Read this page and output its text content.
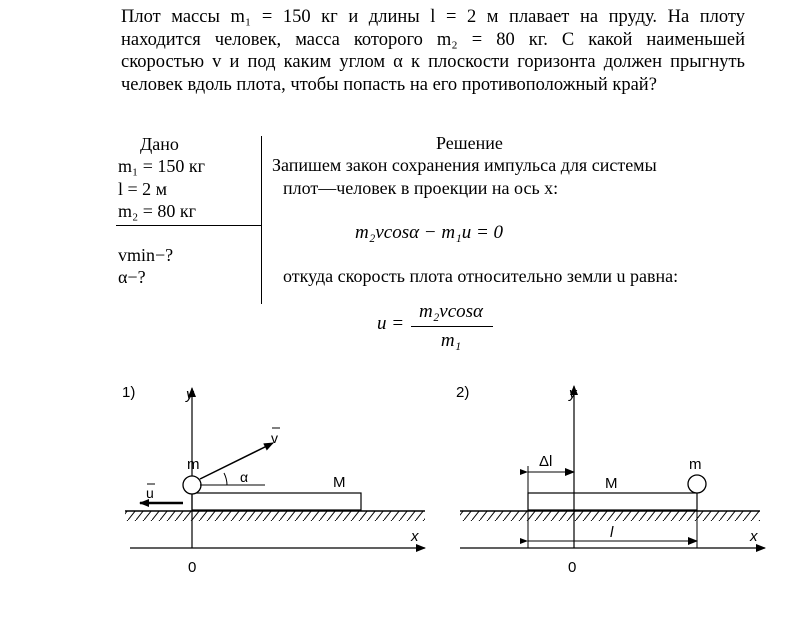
Плот массы m₁ = 150 кг и длины l = 2 м плавает на пруду. На плоту
находится человек, масса которого m₂ = 80 кг. С какой наименьшей
скоростью v и под каким углом α к плоскости горизонта должен прыгнуть
человек вдоль плота, чтобы попасть на его противоположный край?
Дано
m₁ = 150 кг
l = 2 м
m₂ = 80 кг
vmin−?
α−?
Решение
Запишем закон сохранения импульса для системы
плот—человек в проекции на ось x:
m₂vcosα − m₁u = 0
откуда скорость плота относительно земли u равна:
u =
m₂vcosα
m₁
1)	y
x
0
M
m
v
α
u
2)	y
x
0
M
m
Δl
l
